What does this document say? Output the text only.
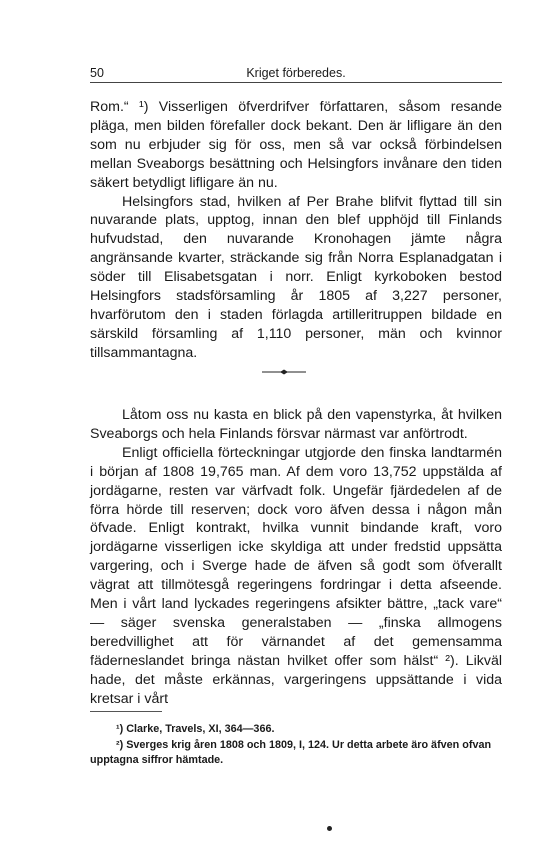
50	Kriget förberedes.

Rom.“ ¹) Visserligen öfverdrifver författaren, såsom resande pläga, men bilden förefaller dock bekant. Den är lifligare än den som nu erbjuder sig för oss, men så var också förbindelsen mellan Sveaborgs besättning och Helsingfors invånare den tiden säkert betydligt lifligare än nu.

Helsingfors stad, hvilken af Per Brahe blifvit flyttad till sin nuvarande plats, upptog, innan den blef upphöjd till Finlands hufvudstad, den nuvarande Kronohagen jämte några angränsande kvarter, sträckande sig från Norra Esplanadgatan i söder till Elisabetsgatan i norr. Enligt kyrkoboken bestod Helsingfors stadsförsamling år 1805 af 3,227 personer, hvarförutom den i staden förlagda artilleritruppen bildade en särskild församling af 1,110 personer, män och kvinnor tillsammantagna.

Låtom oss nu kasta en blick på den vapenstyrka, åt hvilken Sveaborgs och hela Finlands försvar närmast var anförtrodt.

Enligt officiella förteckningar utgjorde den finska landtarmén i början af 1808 19,765 man. Af dem voro 13,752 uppstälda af jordägarne, resten var värfvadt folk. Ungefär fjärdedelen af de förra hörde till reserven; dock voro äfven dessa i någon mån öfvade. Enligt kontrakt, hvilka vunnit bindande kraft, voro jordägarne visserligen icke skyldiga att under fredstid uppsätta vargering, och i Sverge hade de äfven så godt som öfverallt vägrat att tillmötesgå regeringens fordringar i detta afseende. Men i vårt land lyckades regeringens afsikter bättre, „tack vare“ — säger svenska generalstaben — „finska allmogens beredvillighet att för värnandet af det gemensamma fäderneslandet bringa nästan hvilket offer som hälst“ ²). Likväl hade, det måste erkännas, vargeringens uppsättande i vida kretsar i vårt

¹) Clarke, Travels, XI, 364—366.

²) Sverges krig åren 1808 och 1809, I, 124. Ur detta arbete äro äfven ofvan upptagna siffror hämtade.
